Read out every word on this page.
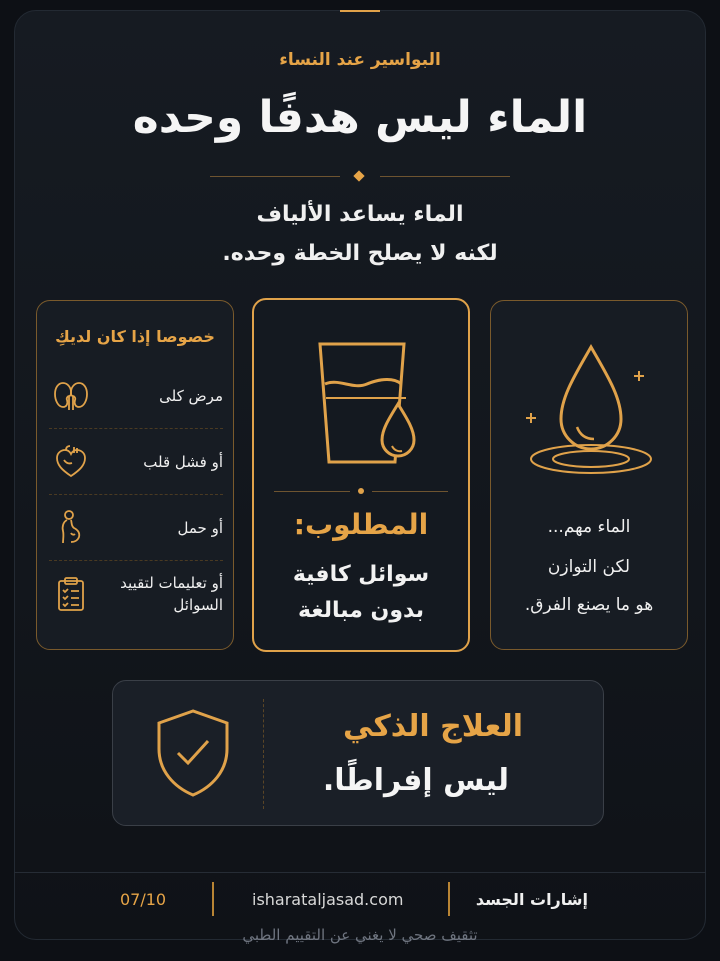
البواسير عند النساء
الماء ليس هدفًا وحده
الماء يساعد الألياف
لكنه لا يصلح الخطة وحده.
خصوصا إذا كان لديكِ
مرض كلى
أو فشل قلب
أو حمل
أو تعليمات لتقييد السوائل
المطلوب:
سوائل كافية
بدون مبالغة
الماء مهم...
لكن التوازن
هو ما يصنع الفرق.
العلاج الذكي
ليس إفراطًا.
إشارات الجسد
isharataljasad.com
07/10
تثقيف صحي لا يغني عن التقييم الطبي
